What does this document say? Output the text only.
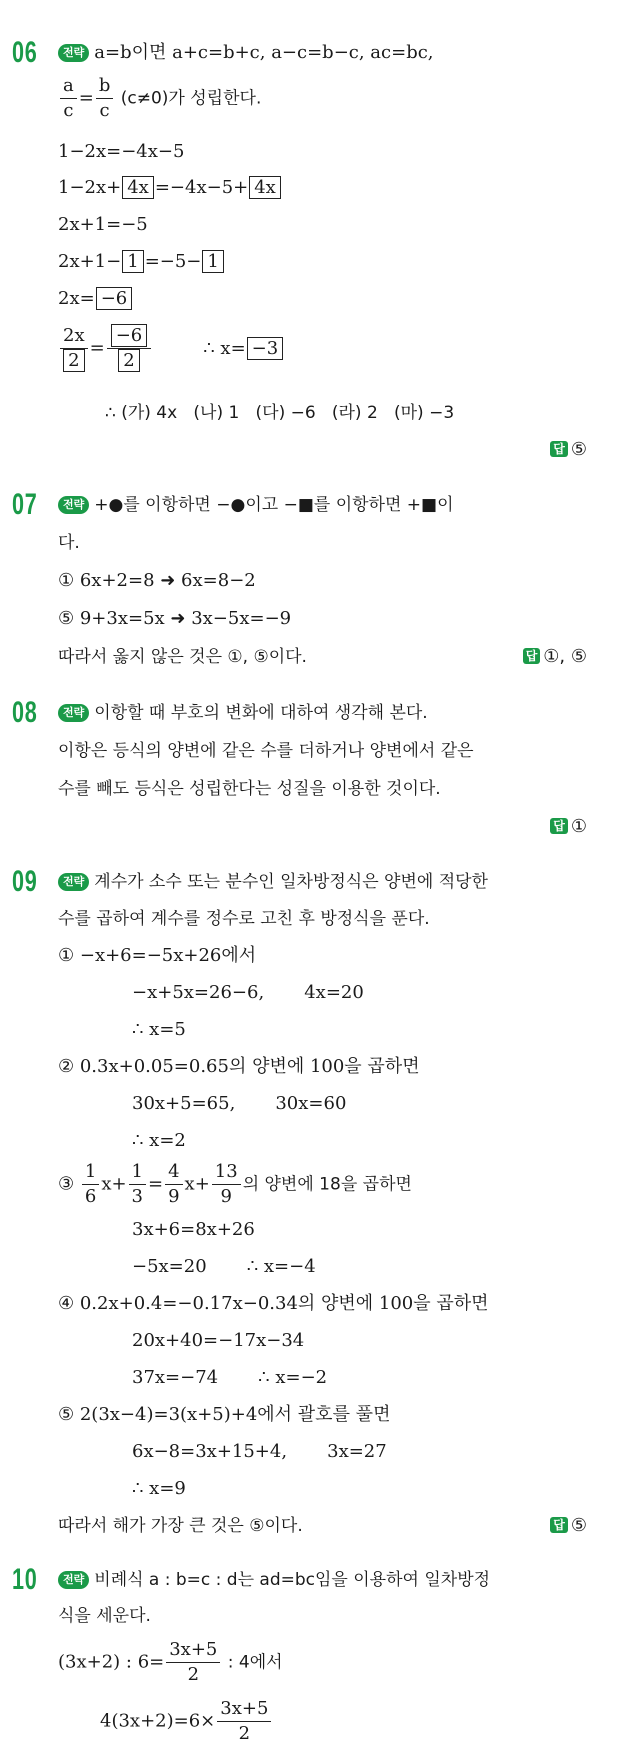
06	전략 a=b이면 a+c=b+c, a−c=b−c, ac=bc,
$\frac{a}{c} = \frac{b}{c} (c\ne 0)$가 성립한다.
1−2x=−4x−5
1−2x+ 4x =−4x−5+ 4x
2x+1=−5
2x+1− 1 =−5− 1
2x= −6
$\frac{2x}{2} = \frac{-6}{2}$	∴ x= −3
∴ (가) 4x   (나) 1   (다) −6   (라) 2   (마) −3
답 ⑤
07	전략 +●를 이항하면 −●이고 −■를 이항하면 +■이
다.
① 6x+2=8 ➜ 6x=8−2
⑤ 9+3x=5x ➜ 3x−5x=−9
따라서 옳지 않은 것은 ①, ⑤이다.	답 ①, ⑤
08	전략 이항할 때 부호의 변화에 대하여 생각해 본다.
이항은 등식의 양변에 같은 수를 더하거나 양변에서 같은
수를 빼도 등식은 성립한다는 성질을 이용한 것이다.
답 ①
09	전략 계수가 소수 또는 분수인 일차방정식은 양변에 적당한
수를 곱하여 계수를 정수로 고친 후 방정식을 푼다.
① −x+6=−5x+26에서
−x+5x=26−6,       4x=20
∴ x=5
② 0.3x+0.05=0.65의 양변에 100을 곱하면
30x+5=65,       30x=60
∴ x=2
③ $\frac{1}{6} x+ \frac{1}{3} = \frac{4}{9} x+ \frac{13}{9}$ 의 양변에 18을 곱하면
3x+6=8x+26
−5x=20       ∴ x=−4
④ 0.2x+0.4=−0.17x−0.34의 양변에 100을 곱하면
20x+40=−17x−34
37x=−74       ∴ x=−2
⑤ 2(3x−4)=3(x+5)+4에서 괄호를 풀면
6x−8=3x+15+4,       3x=27
∴ x=9
따라서 해가 가장 큰 것은 ⑤이다.	답 ⑤
10	전략 비례식 a : b=c : d는 ad=bc임을 이용하여 일차방정
식을 세운다.
(3x+2) : $6= \frac{3x+5}{2}$ : 4에서
$4(3x+2)=6\times \frac{3x+5}{2}$
